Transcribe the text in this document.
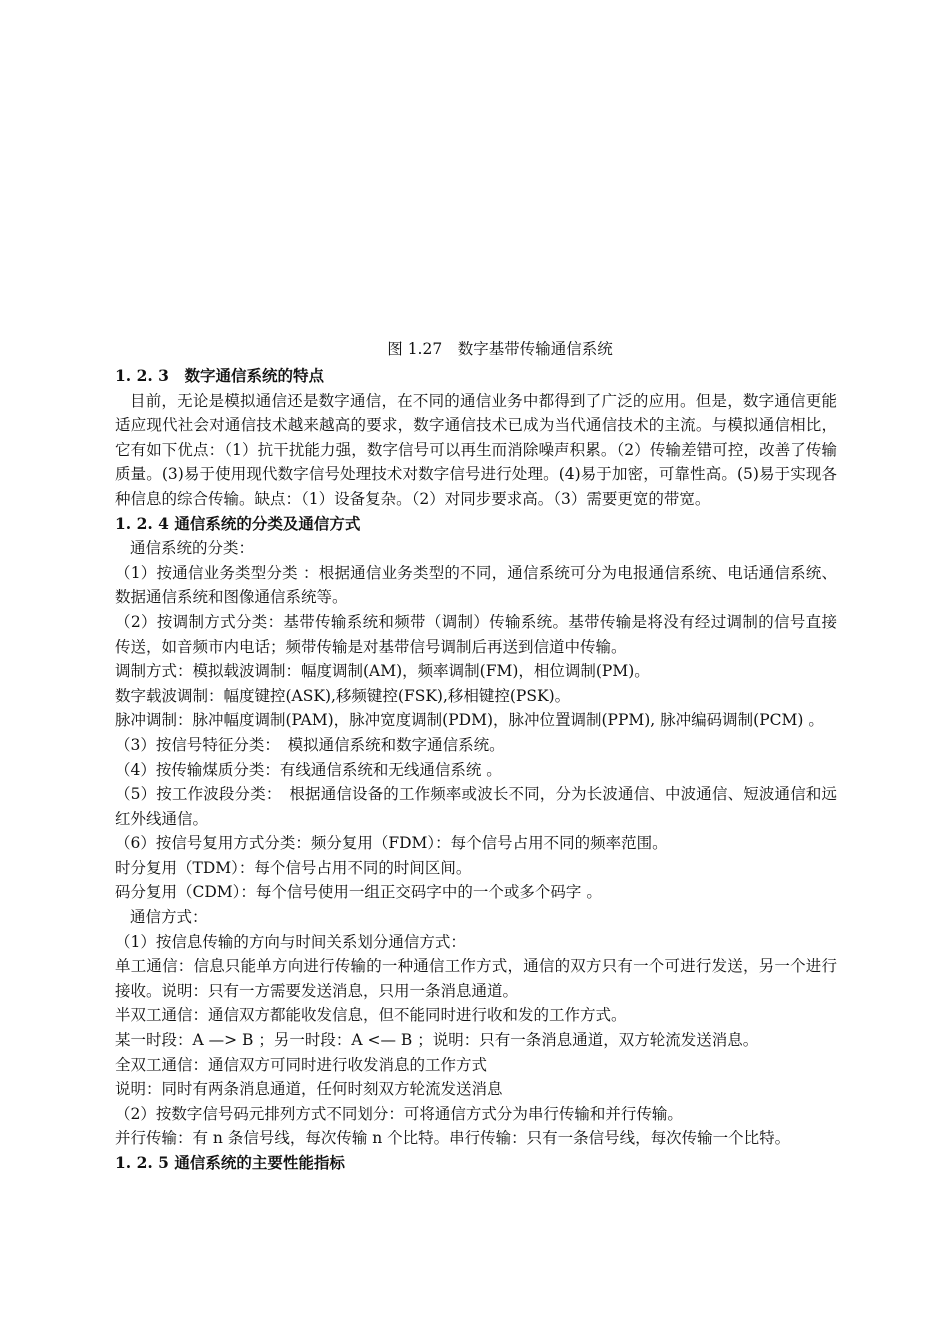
图 1.27　数字基带传输通信系统

1. 2. 3　数字通信系统的特点

目前，无论是模拟通信还是数字通信，在不同的通信业务中都得到了广泛的应用。但是，数字通信更能适应现代社会对通信技术越来越高的要求，数字通信技术已成为当代通信技术的主流。与模拟通信相比，它有如下优点：（1）抗干扰能力强，数字信号可以再生而消除噪声积累。（2）传输差错可控，改善了传输质量。(3)易于使用现代数字信号处理技术对数字信号进行处理。(4)易于加密，可靠性高。(5)易于实现各种信息的综合传输。缺点：（1）设备复杂。（2）对同步要求高。（3）需要更宽的带宽。

1. 2. 4 通信系统的分类及通信方式

通信系统的分类：

（1）按通信业务类型分类 ：根据通信业务类型的不同，通信系统可分为电报通信系统、电话通信系统、数据通信系统和图像通信系统等。

（2）按调制方式分类：基带传输系统和频带（调制）传输系统。基带传输是将没有经过调制的信号直接传送，如音频市内电话；频带传输是对基带信号调制后再送到信道中传输。

调制方式：模拟载波调制：幅度调制(AM)，频率调制(FM)，相位调制(PM)。

数字载波调制：幅度键控(ASK),移频键控(FSK),移相键控(PSK)。

脉冲调制：脉冲幅度调制(PAM)，脉冲宽度调制(PDM)，脉冲位置调制(PPM), 脉冲编码调制(PCM) 。

（3）按信号特征分类：　模拟通信系统和数字通信系统。

（4）按传输煤质分类：有线通信系统和无线通信系统 。

（5）按工作波段分类：　根据通信设备的工作频率或波长不同，分为长波通信、中波通信、短波通信和远红外线通信。

（6）按信号复用方式分类：频分复用（FDM）：每个信号占用不同的频率范围。

时分复用（TDM）：每个信号占用不同的时间区间。

码分复用（CDM）：每个信号使用一组正交码字中的一个或多个码字 。

通信方式：

（1）按信息传输的方向与时间关系划分通信方式：

单工通信：信息只能单方向进行传输的一种通信工作方式，通信的双方只有一个可进行发送，另一个进行接收。说明：只有一方需要发送消息，只用一条消息通道。

半双工通信：通信双方都能收发信息，但不能同时进行收和发的工作方式。

某一时段：A —> B ；另一时段：A <— B ；说明：只有一条消息通道，双方轮流发送消息。

全双工通信：通信双方可同时进行收发消息的工作方式

说明：同时有两条消息通道，任何时刻双方轮流发送消息

（2）按数字信号码元排列方式不同划分：可将通信方式分为串行传输和并行传输。

并行传输：有 n 条信号线，每次传输 n 个比特。串行传输：只有一条信号线，每次传输一个比特。

1. 2. 5 通信系统的主要性能指标
